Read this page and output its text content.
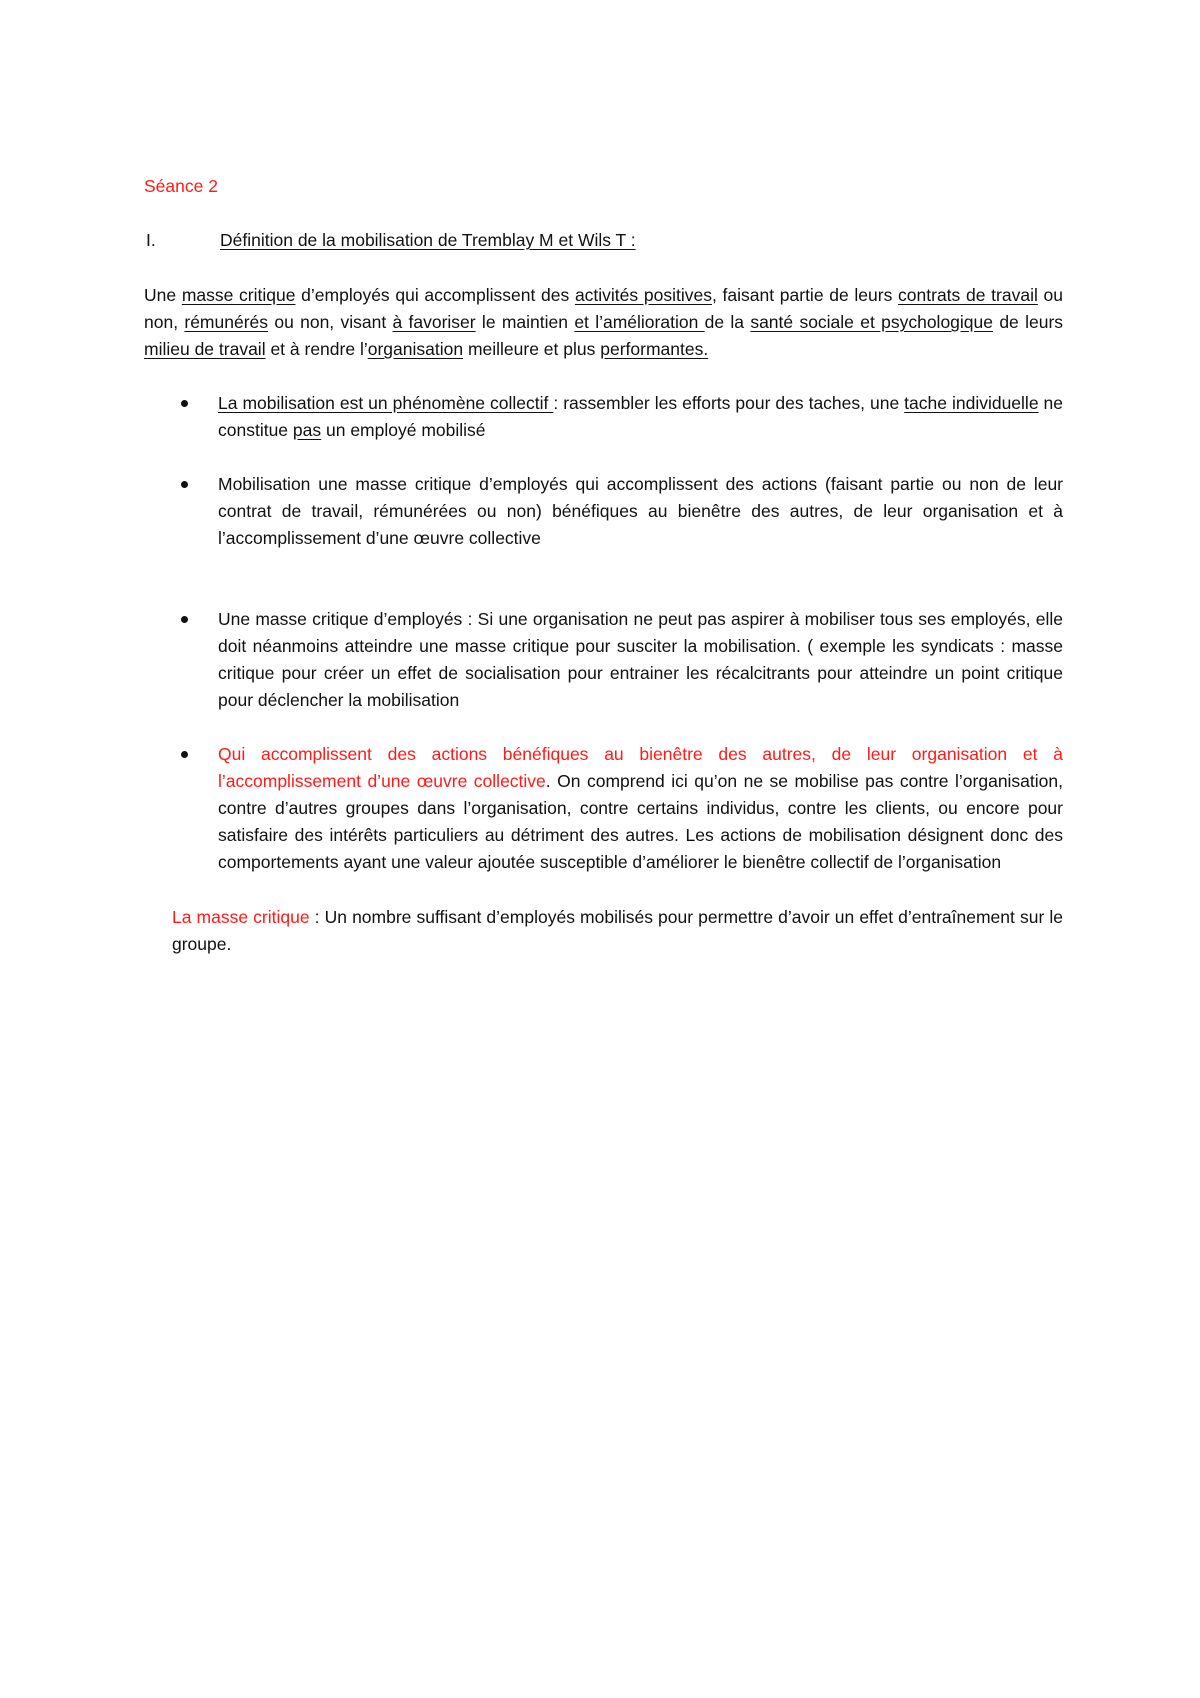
Séance 2

I.	Définition de la mobilisation de Tremblay M et Wils T :

Une masse critique d’employés qui accomplissent des activités positives, faisant partie de leurs contrats de travail ou non, rémunérés ou non, visant à favoriser le maintien et l’amélioration de la santé sociale et psychologique de leurs milieu de travail et à rendre l’organisation meilleure et plus performantes.

La mobilisation est un phénomène collectif : rassembler les efforts pour des taches, une tache individuelle ne constitue pas un employé mobilisé
Mobilisation une masse critique d’employés qui accomplissent des actions (faisant partie ou non de leur contrat de travail, rémunérées ou non) bénéfiques au bienêtre des autres, de leur organisation et à l’accomplissement d’une œuvre collective
Une masse critique d’employés : Si une organisation ne peut pas aspirer à mobiliser tous ses employés, elle doit néanmoins atteindre une masse critique pour susciter la mobilisation. ( exemple les syndicats : masse critique pour créer un effet de socialisation pour entrainer les récalcitrants pour atteindre un point critique pour déclencher la mobilisation
Qui accomplissent des actions bénéfiques au bienêtre des autres, de leur organisation et à l’accomplissement d’une œuvre collective. On comprend ici qu’on ne se mobilise pas contre l’organisation, contre d’autres groupes dans l’organisation, contre certains individus, contre les clients, ou encore pour satisfaire des intérêts particuliers au détriment des autres. Les actions de mobilisation désignent donc des comportements ayant une valeur ajoutée susceptible d’améliorer le bienêtre collectif de l’organisation

La masse critique : Un nombre suffisant d’employés mobilisés pour permettre d’avoir un effet d’entraînement sur le groupe.
